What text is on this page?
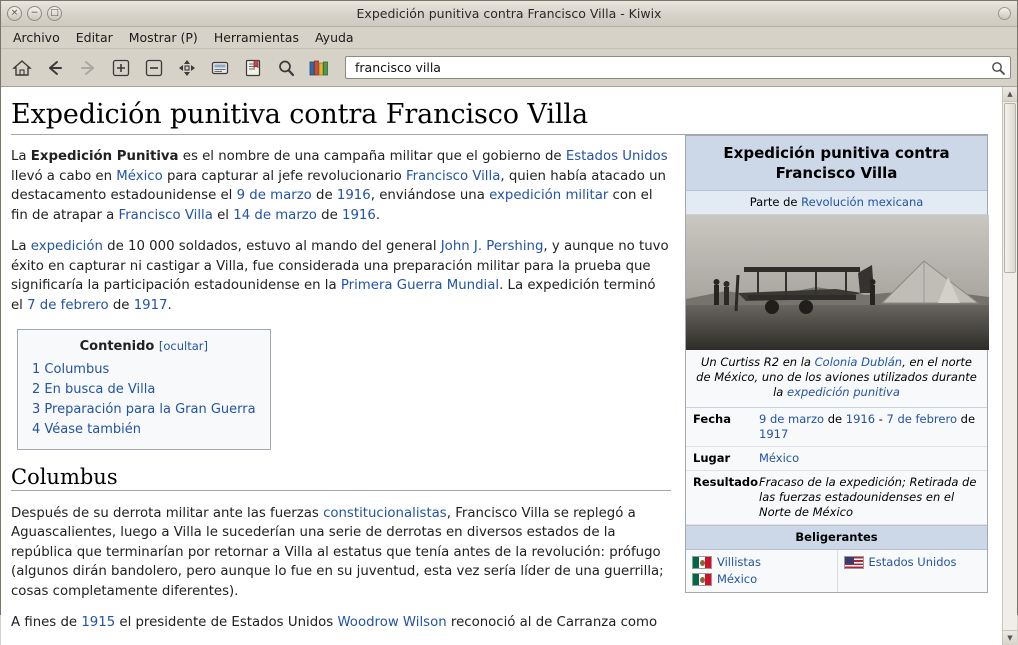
×	−	□	Expedición punitiva contra Francisco Villa - Kiwix
Archivo	Editar	Mostrar (P)	Herramientas	Ayuda
francisco villa
Expedición punitiva contra Francisco Villa

La Expedición Punitiva es el nombre de una campaña militar que el gobierno de Estados Unidos llevó a cabo en México para capturar al jefe revolucionario Francisco Villa, quien había atacado un destacamento estadounidense el 9 de marzo de 1916, enviándose una expedición militar con el fin de atrapar a Francisco Villa el 14 de marzo de 1916.

La expedición de 10 000 soldados, estuvo al mando del general John J. Pershing, y aunque no tuvo éxito en capturar ni castigar a Villa, fue considerada una preparación militar para la prueba que significaría la participación estadounidense en la Primera Guerra Mundial. La expedición terminó el 7 de febrero de 1917.

Contenido [ocultar]
1 Columbus
2 En busca de Villa
3 Preparación para la Gran Guerra
4 Véase también
Columbus

Después de su derrota militar ante las fuerzas constitucionalistas, Francisco Villa se replegó a Aguascalientes, luego a Villa le sucederían una serie de derrotas en diversos estados de la república que terminarían por retornar a Villa al estatus que tenía antes de la revolución: prófugo (algunos dirán bandolero, pero aunque lo fue en su juventud, esta vez sería líder de una guerrilla; cosas completamente diferentes).

A fines de 1915 el presidente de Estados Unidos Woodrow Wilson reconoció al de Carranza como

Expedición punitiva contra Francisco Villa
Parte de Revolución mexicana
Un Curtiss R2 en la Colonia Dublán, en el norte de México, uno de los aviones utilizados durante la expedición punitiva
Fecha	9 de marzo de 1916 - 7 de febrero de 1917
Lugar	México
Resultado Fracaso de la expedición; Retirada de las fuerzas estadounidenses en el Norte de México
Beligerantes
Villistas
México
Estados Unidos
▲
▼
